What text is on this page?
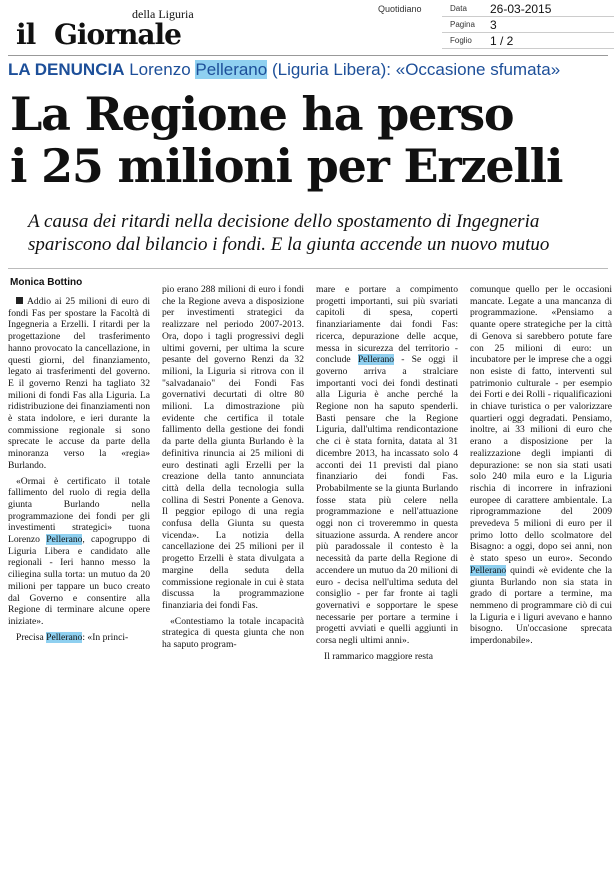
il Giornale
della Liguria	Quotidiano	Data 26-03-2015
Pagina 3
Foglio 1 / 2
LA DENUNCIA Lorenzo Pellerano (Liguria Libera): «Occasione sfumata»
La Regione ha perso
i 25 milioni per Erzelli
A causa dei ritardi nella decisione dello spostamento di Ingegneria
spariscono dal bilancio i fondi. E la giunta accende un nuovo mutuo
Monica Bottino

Addio ai 25 milioni di euro di fondi Fas per spostare la Facoltà di Ingegneria a Erzelli. I ritardi per la progettazione del trasferimento hanno provocato la cancellazione, in questi giorni, del finanziamento, legato ai trasferimenti del governo. E il governo Renzi ha tagliato 32 milioni di fondi Fas alla Liguria. La ridistribuzione dei finanziamenti non è stata indolore, e ieri durante la commissione regionale si sono sprecate le accuse da parte della minoranza verso la «regia» Burlando.

«Ormai è certificato il totale fallimento del ruolo di regia della giunta Burlando nella programmazione dei fondi per gli investimenti strategici» tuona Lorenzo Pellerano, capogruppo di Liguria Libera e candidato alle regionali - Ieri hanno messo la ciliegina sulla torta: un mutuo da 20 milioni per tappare un buco creato dal Governo e consentire alla Regione di terminare alcune opere iniziate».

Precisa Pellerano: «In princi-

pio erano 288 milioni di euro i fondi che la Regione aveva a disposizione per investimenti strategici da realizzare nel periodo 2007-2013. Ora, dopo i tagli progressivi degli ultimi governi, per ultima la scure pesante del governo Renzi da 32 milioni, la Liguria si ritrova con il "salvadanaio" dei Fondi Fas governativi decurtati di oltre 80 milioni. La dimostrazione più evidente che certifica il totale fallimento della gestione dei fondi da parte della giunta Burlando è la definitiva rinuncia ai 25 milioni di euro destinati agli Erzelli per la creazione della tanto annunciata città della della tecnologia sulla collina di Sestri Ponente a Genova. Il peggior epilogo di una regia confusa della Giunta su questa vicenda». La notizia della cancellazione dei 25 milioni per il progetto Erzelli è stata divulgata a margine della seduta della commissione regionale in cui è stata discussa la programmazione finanziaria dei fondi Fas.

«Contestiamo la totale incapacità strategica di questa giunta che non ha saputo program-

mare e portare a compimento progetti importanti, sui più svariati capitoli di spesa, coperti finanziariamente dai fondi Fas: ricerca, depurazione delle acque, messa in sicurezza del territorio - conclude Pellerano - Se oggi il governo arriva a stralciare importanti voci dei fondi destinati alla Liguria è anche perché la Regione non ha saputo spenderli. Basti pensare che la Regione Liguria, dall'ultima rendicontazione che ci è stata fornita, datata al 31 dicembre 2013, ha incassato solo 4 acconti dei 11 previsti dal piano finanziario dei fondi Fas. Probabilmente se la giunta Burlando fosse stata più celere nella programmazione e nell'attuazione oggi non ci troveremmo in questa situazione assurda. A rendere ancor più paradossale il contesto è la necessità da parte della Regione di accendere un mutuo da 20 milioni di euro - decisa nell'ultima seduta del consiglio - per far fronte ai tagli governativi e sopportare le spese necessarie per portare a termine i progetti avviati e quelli aggiunti in corsa negli ultimi anni».

Il rammarico maggiore resta

comunque quello per le occasioni mancate. Legate a una mancanza di programmazione. «Pensiamo a quante opere strategiche per la città di Genova si sarebbero potute fare con 25 milioni di euro: un incubatore per le imprese che a oggi non esiste di fatto, interventi sul patrimonio culturale - per esempio dei Forti e dei Rolli - riqualificazioni in chiave turistica o per valorizzare quartieri oggi degradati. Pensiamo, inoltre, ai 33 milioni di euro che erano a disposizione per la realizzazione degli impianti di depurazione: se non sia stati usati solo 240 mila euro e la Liguria rischia di incorrere in infrazioni europee di carattere ambientale. La riprogrammazione del 2009 prevedeva 5 milioni di euro per il primo lotto dello scolmatore del Bisagno: a oggi, dopo sei anni, non è stato speso un euro». Secondo Pellerano quindi «è evidente che la giunta Burlando non sia stata in grado di portare a termine, ma nemmeno di programmare ciò di cui la Liguria e i liguri avevano e hanno bisogno. Un'occasione sprecata imperdonabile».
